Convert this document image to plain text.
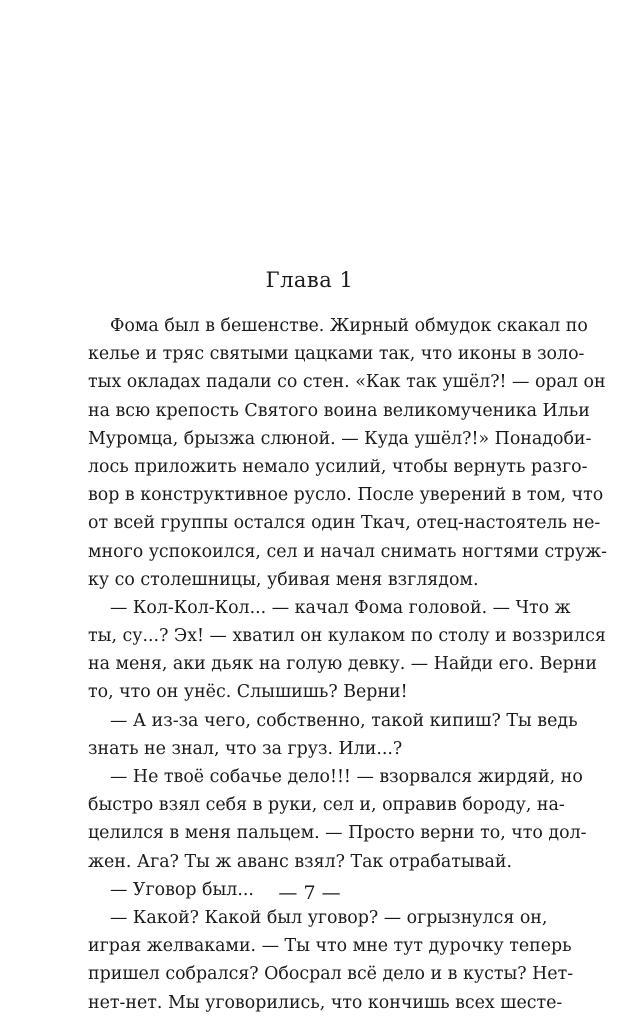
Глава 1
Фома был в бешенстве. Жирный обмудок скакал по
келье и тряс святыми цацками так, что иконы в золо-
тых окладах падали со стен. «Как так ушёл?! — орал он
на всю крепость Святого воина великомученика Ильи
Муромца, брызжа слюной. — Куда ушёл?!» Понадоби-
лось приложить немало усилий, чтобы вернуть разго-
вор в конструктивное русло. После уверений в том, что
от всей группы остался один Ткач, отец-настоятель не-
много успокоился, сел и начал снимать ногтями струж-
ку со столешницы, убивая меня взглядом.
— Кол-Кол-Кол... — качал Фома головой. — Что ж
ты, су...? Эх! — хватил он кулаком по столу и воззрился
на меня, аки дьяк на голую девку. — Найди его. Верни
то, что он унёс. Слышишь? Верни!
— А из-за чего, собственно, такой кипиш? Ты ведь
знать не знал, что за груз. Или...?
— Не твоё собачье дело!!! — взорвался жирдяй, но
быстро взял себя в руки, сел и, оправив бороду, на-
целился в меня пальцем. — Просто верни то, что дол-
жен. Ага? Ты ж аванс взял? Так отрабатывай.
— Уговор был...
— Какой? Какой был уговор? — огрызнулся он,
играя желваками. — Ты что мне тут дурочку теперь
пришел собрался? Обосрал всё дело и в кусты? Нет-
нет-нет. Мы уговорились, что кончишь всех шесте-
— 7 —
